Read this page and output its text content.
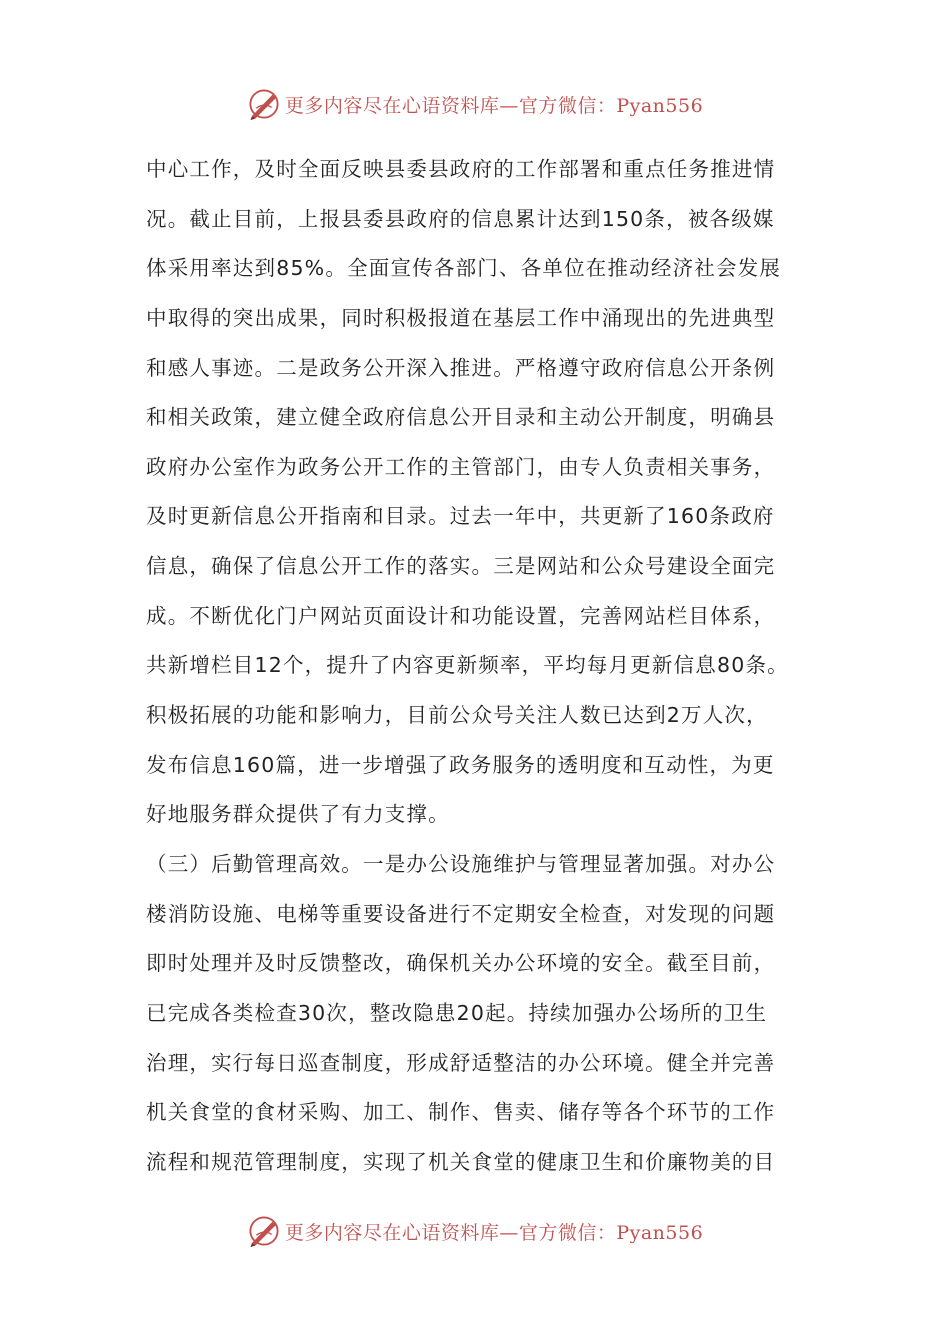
更多内容尽在心语资料库—官方微信：Pyan556
中心工作，及时全面反映县委县政府的工作部署和重点任务推进情
况。截止目前，上报县委县政府的信息累计达到150条，被各级媒
体采用率达到85%。全面宣传各部门、各单位在推动经济社会发展
中取得的突出成果，同时积极报道在基层工作中涌现出的先进典型
和感人事迹。二是政务公开深入推进。严格遵守政府信息公开条例
和相关政策，建立健全政府信息公开目录和主动公开制度，明确县
政府办公室作为政务公开工作的主管部门，由专人负责相关事务，
及时更新信息公开指南和目录。过去一年中，共更新了160条政府
信息，确保了信息公开工作的落实。三是网站和公众号建设全面完
成。不断优化门户网站页面设计和功能设置，完善网站栏目体系，
共新增栏目12个，提升了内容更新频率，平均每月更新信息80条。
积极拓展的功能和影响力，目前公众号关注人数已达到2万人次，
发布信息160篇，进一步增强了政务服务的透明度和互动性，为更
好地服务群众提供了有力支撑。
（三）后勤管理高效。一是办公设施维护与管理显著加强。对办公
楼消防设施、电梯等重要设备进行不定期安全检查，对发现的问题
即时处理并及时反馈整改，确保机关办公环境的安全。截至目前，
已完成各类检查30次，整改隐患20起。持续加强办公场所的卫生
治理，实行每日巡查制度，形成舒适整洁的办公环境。健全并完善
机关食堂的食材采购、加工、制作、售卖、储存等各个环节的工作
流程和规范管理制度，实现了机关食堂的健康卫生和价廉物美的目
更多内容尽在心语资料库—官方微信：Pyan556
